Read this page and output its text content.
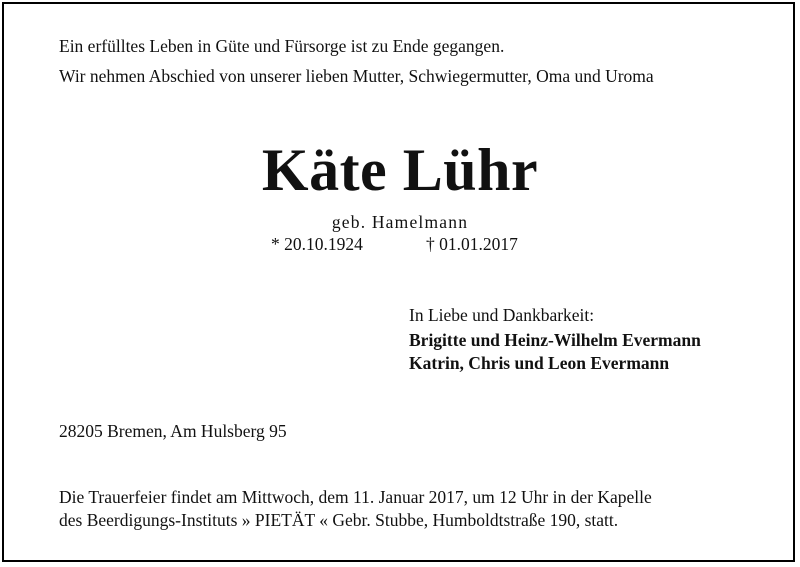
Ein erfülltes Leben in Güte und Fürsorge ist zu Ende gegangen.
Wir nehmen Abschied von unserer lieben Mutter, Schwiegermutter, Oma und Uroma
Käte Lühr
geb. Hamelmann
* 20.10.1924	† 01.01.2017
In Liebe und Dankbarkeit:
Brigitte und Heinz-Wilhelm Evermann
Katrin, Chris und Leon Evermann
28205 Bremen, Am Hulsberg 95
Die Trauerfeier findet am Mittwoch, dem 11. Januar 2017, um 12 Uhr in der Kapelle
des Beerdigungs-Instituts » PIETÄT « Gebr. Stubbe, Humboldtstraße 190, statt.
